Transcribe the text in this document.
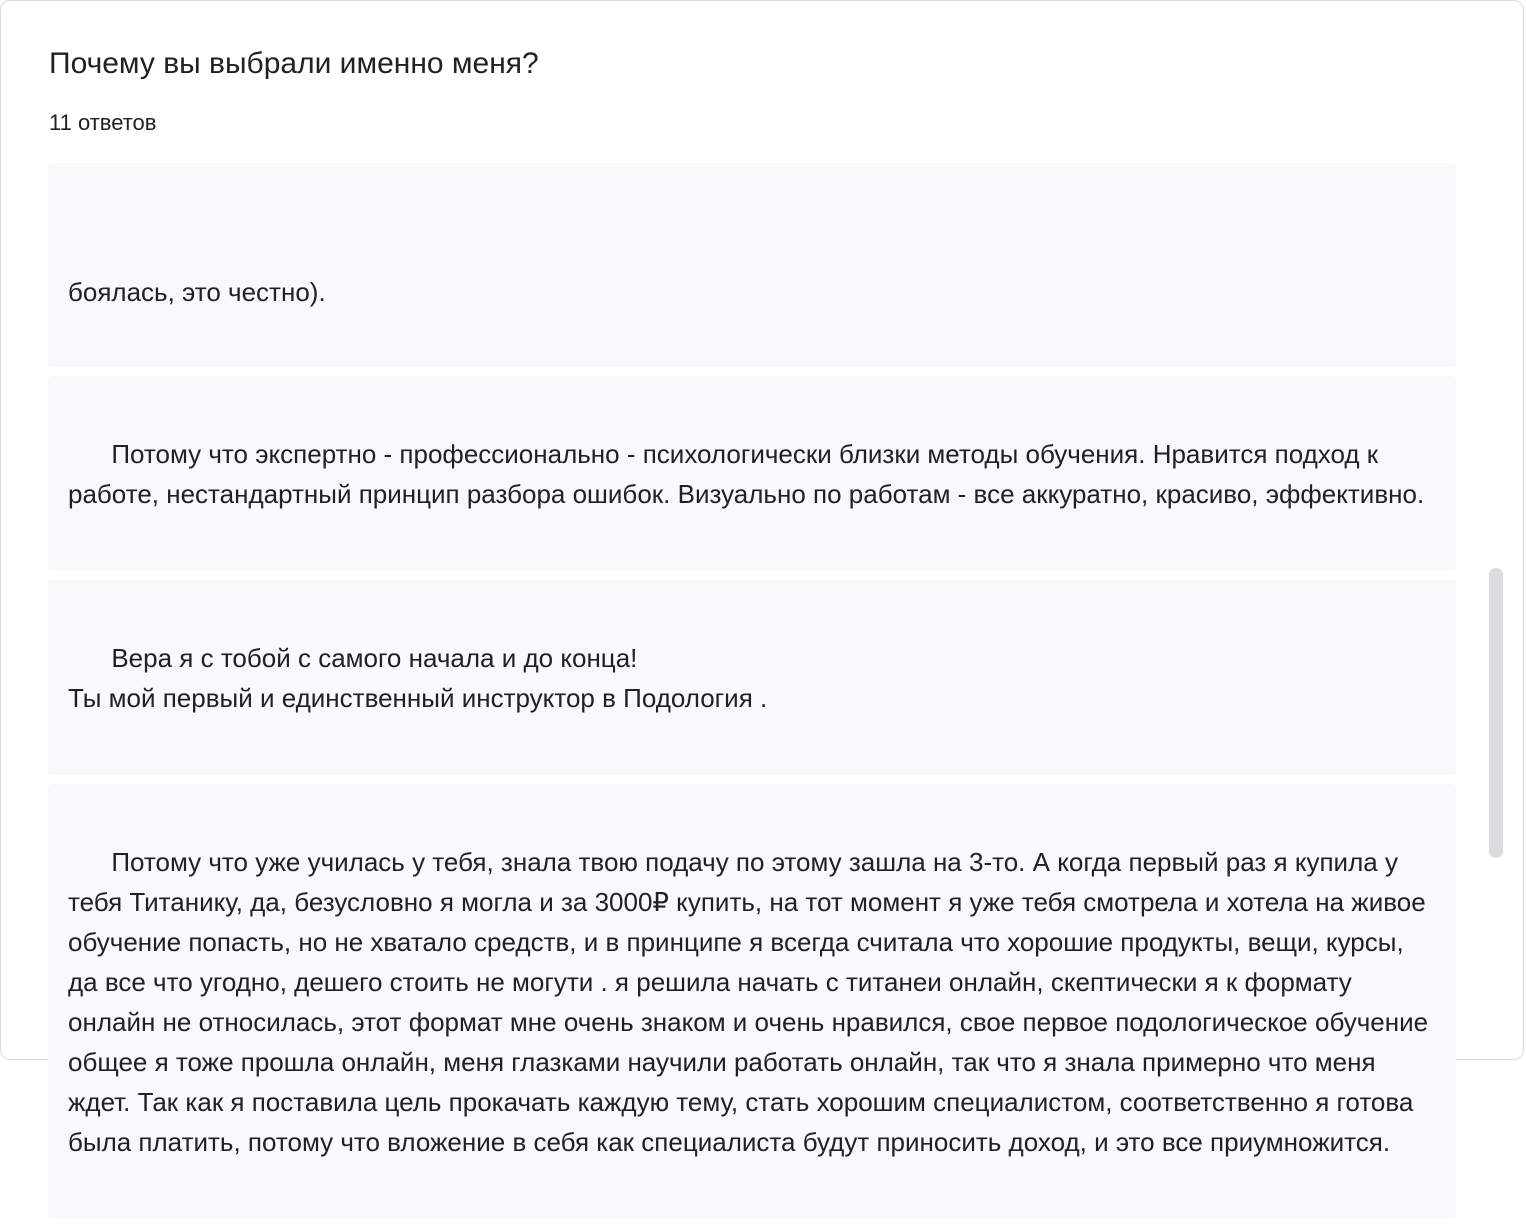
Почему вы выбрали именно меня?
11 ответов

боялась, это честно).

Потому что экспертно - профессионально - психологически близки методы обучения. Нравится подход к работе, нестандартный принцип разбора ошибок. Визуально по работам - все аккуратно, красиво, эффективно.

Вера я с тобой с самого начала и до конца!
Ты мой первый и единственный инструктор в Подология .

Потому что уже училась у тебя, знала твою подачу по этому зашла на 3-то. А когда первый раз я купила у тебя Титанику, да, безусловно я могла и за 3000₽ купить, на тот момент я уже тебя смотрела и хотела на живое обучение попасть, но не хватало средств, и в принципе я всегда считала что хорошие продукты, вещи, курсы, да все что угодно, дешего стоить не могути . я решила начать с титанеи онлайн, скептически я к формату онлайн не относилась, этот формат мне очень знаком и очень нравился, свое первое подологическое обучение общее я тоже прошла онлайн, меня глазками научили работать онлайн, так что я знала примерно что меня ждет. Так как я поставила цель прокачать каждую тему, стать хорошим специалистом, соответственно я готова была платить, потому что вложение в себя как специалиста будут приносить доход, и это все приумножится.
